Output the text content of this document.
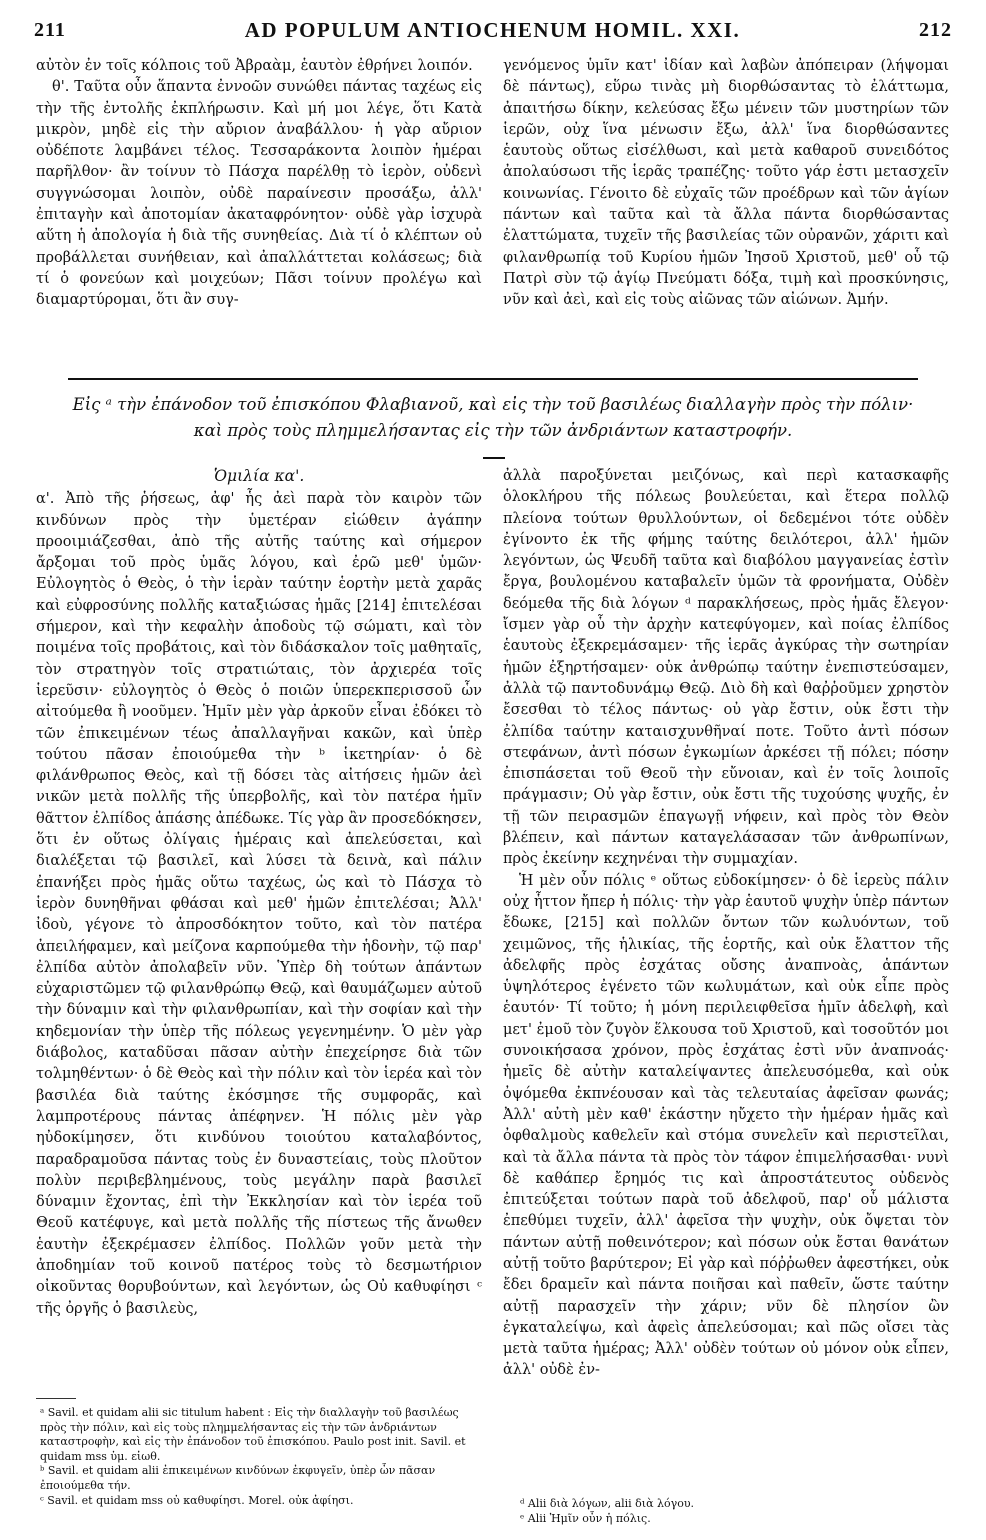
211	AD POPULUM ANTIOCHENUM HOMIL. XXI.	212

αὐτὸν ἐν τοῖς κόλποις τοῦ Ἀβραὰμ, ἑαυτὸν ἐθρήνει λοιπόν.

θ'. Ταῦτα οὖν ἅπαντα ἐννοῶν συνώθει πάντας ταχέως εἰς τὴν τῆς ἐντολῆς ἐκπλήρωσιν. Καὶ μή μοι λέγε, ὅτι Κατὰ μικρὸν, μηδὲ εἰς τὴν αὔριον ἀναβάλλου· ἡ γὰρ αὔριον οὐδέποτε λαμβάνει τέλος. Τεσσαράκοντα λοιπὸν ἡμέραι παρῆλθον· ἂν τοίνυν τὸ Πάσχα παρέλθῃ τὸ ἱερὸν, οὐδενὶ συγγνώσομαι λοιπὸν, οὐδὲ παραίνεσιν προσάξω, ἀλλ' ἐπιταγὴν καὶ ἀποτομίαν ἀκαταφρόνητον· οὐδὲ γὰρ ἰσχυρὰ αὕτη ἡ ἀπολογία ἡ διὰ τῆς συνηθείας. Διὰ τί ὁ κλέπτων οὐ προβάλλεται συνήθειαν, καὶ ἀπαλλάττεται κολάσεως; διὰ τί ὁ φονεύων καὶ μοιχεύων; Πᾶσι τοίνυν προλέγω καὶ διαμαρτύρομαι, ὅτι ἂν συγ-

γενόμενος ὑμῖν κατ' ἰδίαν καὶ λαβὼν ἀπόπειραν (λήψομαι δὲ πάντως), εὕρω τινὰς μὴ διορθώσαντας τὸ ἐλάττωμα, ἀπαιτήσω δίκην, κελεύσας ἔξω μένειν τῶν μυστηρίων τῶν ἱερῶν, οὐχ ἵνα μένωσιν ἔξω, ἀλλ' ἵνα διορθώσαντες ἑαυτοὺς οὕτως εἰσέλθωσι, καὶ μετὰ καθαροῦ συνειδότος ἀπολαύσωσι τῆς ἱερᾶς τραπέζης· τοῦτο γάρ ἐστι μετασχεῖν κοινωνίας. Γένοιτο δὲ εὐχαῖς τῶν προέδρων καὶ τῶν ἁγίων πάντων καὶ ταῦτα καὶ τὰ ἄλλα πάντα διορθώσαντας ἐλαττώματα, τυχεῖν τῆς βασιλείας τῶν οὐρανῶν, χάριτι καὶ φιλανθρωπίᾳ τοῦ Κυρίου ἡμῶν Ἰησοῦ Χριστοῦ, μεθ' οὗ τῷ Πατρὶ σὺν τῷ ἁγίῳ Πνεύματι δόξα, τιμὴ καὶ προσκύνησις, νῦν καὶ ἀεὶ, καὶ εἰς τοὺς αἰῶνας τῶν αἰώνων. Ἀμήν.

Εἰς ᵃ τὴν ἐπάνοδον τοῦ ἐπισκόπου Φλαβιανοῦ, καὶ εἰς τὴν τοῦ βασιλέως διαλλαγὴν πρὸς τὴν πόλιν·
καὶ πρὸς τοὺς πλημμελήσαντας εἰς τὴν τῶν ἀνδριάντων καταστροφήν.
Ὁμιλία κα'.

α'. Ἀπὸ τῆς ῥήσεως, ἀφ' ἧς ἀεὶ παρὰ τὸν καιρὸν τῶν κινδύνων πρὸς τὴν ὑμετέραν εἰώθειν ἀγάπην προοιμιάζεσθαι, ἀπὸ τῆς αὐτῆς ταύτης καὶ σήμερον ἄρξομαι τοῦ πρὸς ὑμᾶς λόγου, καὶ ἐρῶ μεθ' ὑμῶν· Εὐλογητὸς ὁ Θεὸς, ὁ τὴν ἱερὰν ταύτην ἑορτὴν μετὰ χαρᾶς καὶ εὐφροσύνης πολλῆς καταξιώσας ἡμᾶς [214] ἐπιτελέσαι σήμερον, καὶ τὴν κεφαλὴν ἀποδοὺς τῷ σώματι, καὶ τὸν ποιμένα τοῖς προβάτοις, καὶ τὸν διδάσκαλον τοῖς μαθηταῖς, τὸν στρατηγὸν τοῖς στρατιώταις, τὸν ἀρχιερέα τοῖς ἱερεῦσιν· εὐλογητὸς ὁ Θεὸς ὁ ποιῶν ὑπερεκπερισσοῦ ὧν αἰτούμεθα ἢ νοοῦμεν. Ἡμῖν μὲν γὰρ ἀρκοῦν εἶναι ἐδόκει τὸ τῶν ἐπικειμένων τέως ἀπαλλαγῆναι κακῶν, καὶ ὑπὲρ τούτου πᾶσαν ἐποιούμεθα τὴν ᵇ ἱκετηρίαν· ὁ δὲ φιλάνθρωπος Θεὸς, καὶ τῇ δόσει τὰς αἰτήσεις ἡμῶν ἀεὶ νικῶν μετὰ πολλῆς τῆς ὑπερβολῆς, καὶ τὸν πατέρα ἡμῖν θᾶττον ἐλπίδος ἁπάσης ἀπέδωκε. Τίς γὰρ ἂν προσεδόκησεν, ὅτι ἐν οὕτως ὀλίγαις ἡμέραις καὶ ἀπελεύσεται, καὶ διαλέξεται τῷ βασιλεῖ, καὶ λύσει τὰ δεινὰ, καὶ πάλιν ἐπανήξει πρὸς ἡμᾶς οὕτω ταχέως, ὡς καὶ τὸ Πάσχα τὸ ἱερὸν δυνηθῆναι φθάσαι καὶ μεθ' ἡμῶν ἐπιτελέσαι; Ἀλλ' ἰδοὺ, γέγονε τὸ ἀπροσδόκητον τοῦτο, καὶ τὸν πατέρα ἀπειλήφαμεν, καὶ μείζονα καρπούμεθα τὴν ἡδονὴν, τῷ παρ' ἐλπίδα αὐτὸν ἀπολαβεῖν νῦν. Ὑπὲρ δὴ τούτων ἁπάντων εὐχαριστῶμεν τῷ φιλανθρώπῳ Θεῷ, καὶ θαυμάζωμεν αὐτοῦ τὴν δύναμιν καὶ τὴν φιλανθρωπίαν, καὶ τὴν σοφίαν καὶ τὴν κηδεμονίαν τὴν ὑπὲρ τῆς πόλεως γεγενημένην. Ὁ μὲν γὰρ διάβολος, καταδῦσαι πᾶσαν αὐτὴν ἐπεχείρησε διὰ τῶν τολμηθέντων· ὁ δὲ Θεὸς καὶ τὴν πόλιν καὶ τὸν ἱερέα καὶ τὸν βασιλέα διὰ ταύτης ἐκόσμησε τῆς συμφορᾶς, καὶ λαμπροτέρους πάντας ἀπέφηνεν. Ἡ πόλις μὲν γὰρ ηὐδοκίμησεν, ὅτι κινδύνου τοιούτου καταλαβόντος, παραδραμοῦσα πάντας τοὺς ἐν δυναστείαις, τοὺς πλοῦτον πολὺν περιβεβλημένους, τοὺς μεγάλην παρὰ βασιλεῖ δύναμιν ἔχοντας, ἐπὶ τὴν Ἐκκλησίαν καὶ τὸν ἱερέα τοῦ Θεοῦ κατέφυγε, καὶ μετὰ πολλῆς τῆς πίστεως τῆς ἄνωθεν ἑαυτὴν ἐξεκρέμασεν ἐλπίδος. Πολλῶν γοῦν μετὰ τὴν ἀποδημίαν τοῦ κοινοῦ πατέρος τοὺς τὸ δεσμωτήριον οἰκοῦντας θορυβούντων, καὶ λεγόντων, ὡς Οὐ καθυφίησι ᶜ τῆς ὀργῆς ὁ βασιλεὺς,

ἀλλὰ παροξύνεται μειζόνως, καὶ περὶ κατασκαφῆς ὁλοκλήρου τῆς πόλεως βουλεύεται, καὶ ἕτερα πολλῷ πλείονα τούτων θρυλλούντων, οἱ δεδεμένοι τότε οὐδὲν ἐγίνοντο ἐκ τῆς φήμης ταύτης δειλότεροι, ἀλλ' ἡμῶν λεγόντων, ὡς Ψευδῆ ταῦτα καὶ διαβόλου μαγγανείας ἐστὶν ἔργα, βουλομένου καταβαλεῖν ὑμῶν τὰ φρονήματα, Οὐδὲν δεόμεθα τῆς διὰ λόγων ᵈ παρακλήσεως, πρὸς ἡμᾶς ἔλεγον· ἴσμεν γὰρ οὗ τὴν ἀρχὴν κατεφύγομεν, καὶ ποίας ἐλπίδος ἑαυτοὺς ἐξεκρεμάσαμεν· τῆς ἱερᾶς ἀγκύρας τὴν σωτηρίαν ἡμῶν ἐξηρτήσαμεν· οὐκ ἀνθρώπῳ ταύτην ἐνεπιστεύσαμεν, ἀλλὰ τῷ παντοδυνάμῳ Θεῷ. Διὸ δὴ καὶ θαῤῥοῦμεν χρηστὸν ἔσεσθαι τὸ τέλος πάντως· οὐ γὰρ ἔστιν, οὐκ ἔστι τὴν ἐλπίδα ταύτην καταισχυνθῆναί ποτε. Τοῦτο ἀντὶ πόσων στεφάνων, ἀντὶ πόσων ἐγκωμίων ἀρκέσει τῇ πόλει; πόσην ἐπισπάσεται τοῦ Θεοῦ τὴν εὔνοιαν, καὶ ἐν τοῖς λοιποῖς πράγμασιν; Οὐ γὰρ ἔστιν, οὐκ ἔστι τῆς τυχούσης ψυχῆς, ἐν τῇ τῶν πειρασμῶν ἐπαγωγῇ νήφειν, καὶ πρὸς τὸν Θεὸν βλέπειν, καὶ πάντων καταγελάσασαν τῶν ἀνθρωπίνων, πρὸς ἐκείνην κεχηνέναι τὴν συμμαχίαν.

Ἡ μὲν οὖν πόλις ᵉ οὕτως εὐδοκίμησεν· ὁ δὲ ἱερεὺς πάλιν οὐχ ἧττον ἤπερ ἡ πόλις· τὴν γὰρ ἑαυτοῦ ψυχὴν ὑπὲρ πάντων ἔδωκε, [215] καὶ πολλῶν ὄντων τῶν κωλυόντων, τοῦ χειμῶνος, τῆς ἡλικίας, τῆς ἑορτῆς, καὶ οὐκ ἔλαττον τῆς ἀδελφῆς πρὸς ἐσχάτας οὔσης ἀναπνοὰς, ἁπάντων ὑψηλότερος ἐγένετο τῶν κωλυμάτων, καὶ οὐκ εἶπε πρὸς ἑαυτόν· Τί τοῦτο; ἡ μόνη περιλειφθεῖσα ἡμῖν ἀδελφὴ, καὶ μετ' ἐμοῦ τὸν ζυγὸν ἕλκουσα τοῦ Χριστοῦ, καὶ τοσοῦτόν μοι συνοικήσασα χρόνον, πρὸς ἐσχάτας ἐστὶ νῦν ἀναπνοάς· ἡμεῖς δὲ αὐτὴν καταλείψαντες ἀπελευσόμεθα, καὶ οὐκ ὀψόμεθα ἐκπνέουσαν καὶ τὰς τελευταίας ἀφεῖσαν φωνάς; Ἀλλ' αὐτὴ μὲν καθ' ἑκάστην ηὔχετο τὴν ἡμέραν ἡμᾶς καὶ ὀφθαλμοὺς καθελεῖν καὶ στόμα συνελεῖν καὶ περιστεῖλαι, καὶ τὰ ἄλλα πάντα τὰ πρὸς τὸν τάφον ἐπιμελήσασθαι· νυνὶ δὲ καθάπερ ἔρημός τις καὶ ἀπροστάτευτος οὐδενὸς ἐπιτεύξεται τούτων παρὰ τοῦ ἀδελφοῦ, παρ' οὗ μάλιστα ἐπεθύμει τυχεῖν, ἀλλ' ἀφεῖσα τὴν ψυχὴν, οὐκ ὄψεται τὸν πάντων αὐτῇ ποθεινότερον; καὶ πόσων οὐκ ἔσται θανάτων αὐτῇ τοῦτο βαρύτερον; Εἰ γὰρ καὶ πόῤῥωθεν ἀφεστήκει, οὐκ ἔδει δραμεῖν καὶ πάντα ποιῆσαι καὶ παθεῖν, ὥστε ταύτην αὐτῇ παρασχεῖν τὴν χάριν; νῦν δὲ πλησίον ὢν ἐγκαταλείψω, καὶ ἀφεὶς ἀπελεύσομαι; καὶ πῶς οἴσει τὰς μετὰ ταῦτα ἡμέρας; Ἀλλ' οὐδὲν τούτων οὐ μόνον οὐκ εἶπεν, ἀλλ' οὐδὲ ἐν-

ᵃ Savil. et quidam alii sic titulum habent : Εἰς τὴν διαλλαγὴν τοῦ βασιλέως πρὸς τὴν πόλιν, καὶ εἰς τοὺς πλημμελήσαντας εἰς τὴν τῶν ἀνδριάντων καταστροφὴν, καὶ εἰς τὴν ἐπάνοδον τοῦ ἐπισκόπου. Paulo post init. Savil. et quidam mss ὑμ. εἰωθ.
ᵇ Savil. et quidam alii ἐπικειμένων κινδύνων ἐκφυγεῖν, ὑπὲρ ὧν πᾶσαν ἐποιούμεθα τήν.
ᶜ Savil. et quidam mss οὐ καθυφίησι. Morel. οὐκ ἀφίησι.	ᵈ Alii διὰ λόγων, alii διὰ λόγου.
ᵉ Alii Ἡμῖν οὖν ἡ πόλις.
